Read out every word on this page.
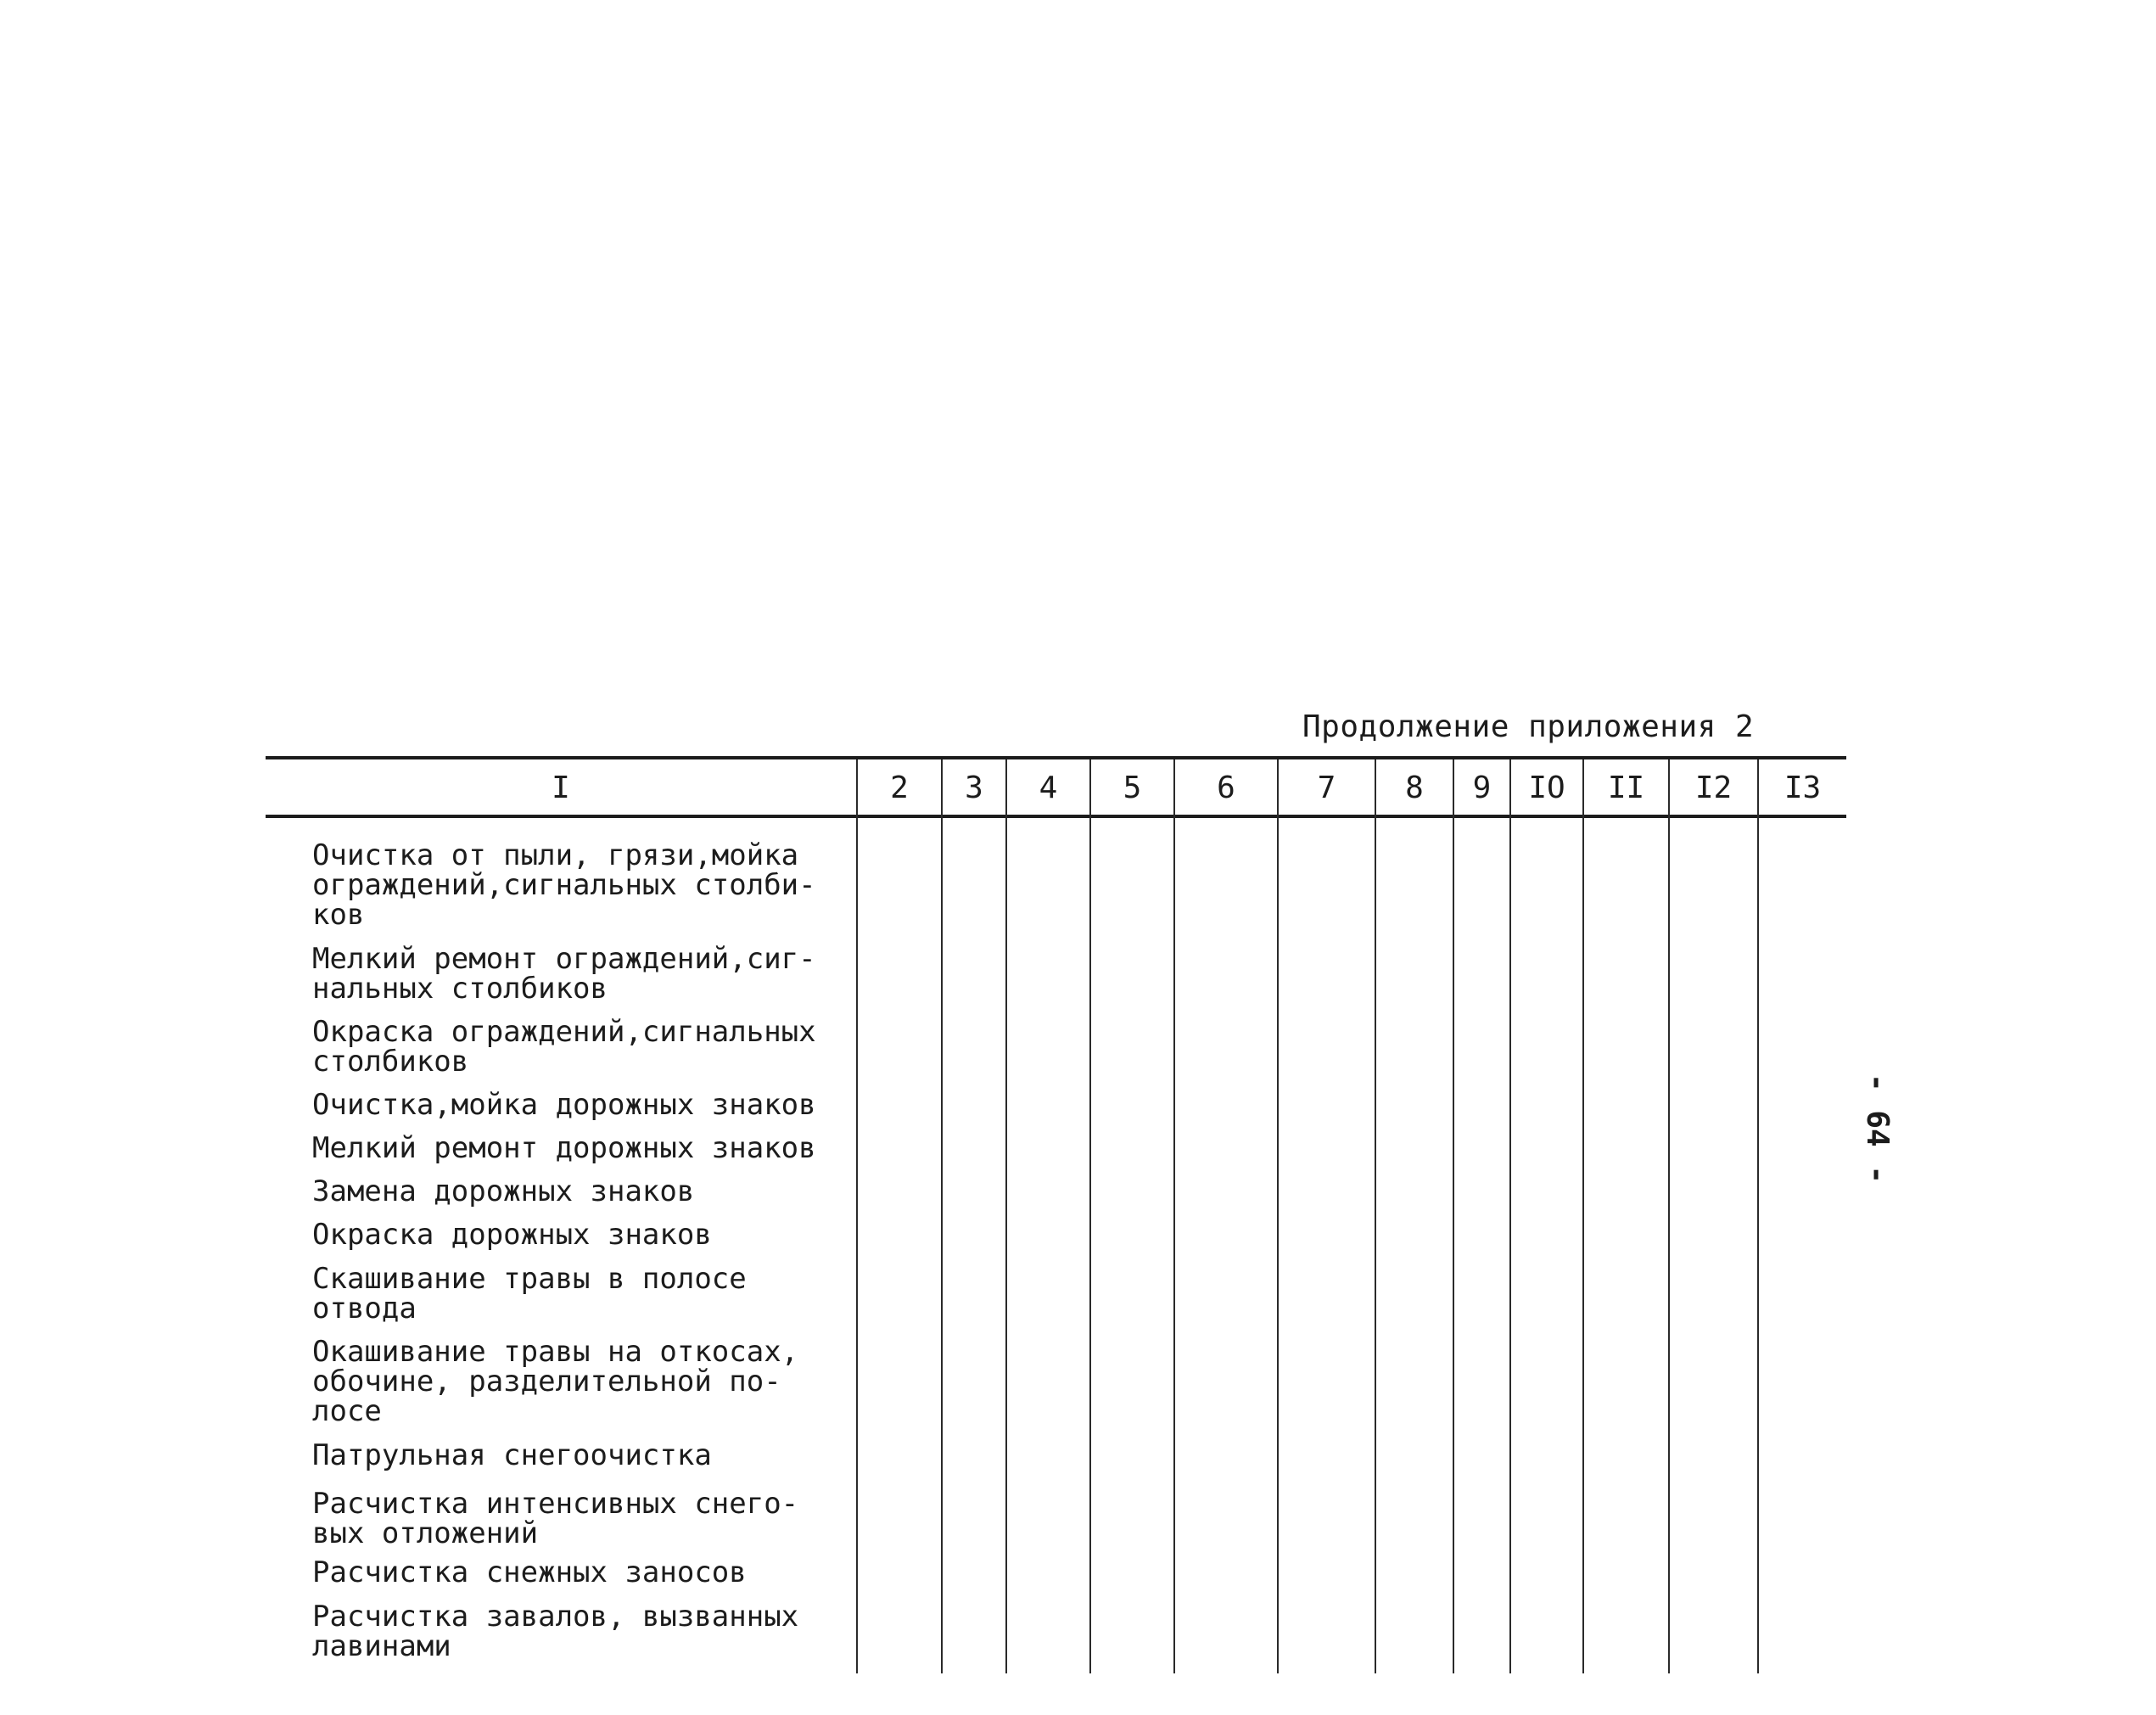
Продолжение приложения 2
I	2	3	4	5	6	7	8	9	IO	II	I2	I3
Очистка от пыли, грязи,мойка
ограждений,сигнальных столби-
ков
Мелкий ремонт ограждений,сиг-
нальных столбиков
Окраска ограждений,сигнальных
столбиков
Очистка,мойка дорожных знаков
Мелкий ремонт дорожных знаков
Замена дорожных знаков
Окраска дорожных знаков
Скашивание травы в полосе
отвода
Окашивание травы на откосах,
обочине, разделительной по-
лосе
Патрульная снегоочистка
Расчистка интенсивных снего-
вых отложений
Расчистка снежных заносов
Расчистка завалов, вызванных
лавинами
- 64 -
